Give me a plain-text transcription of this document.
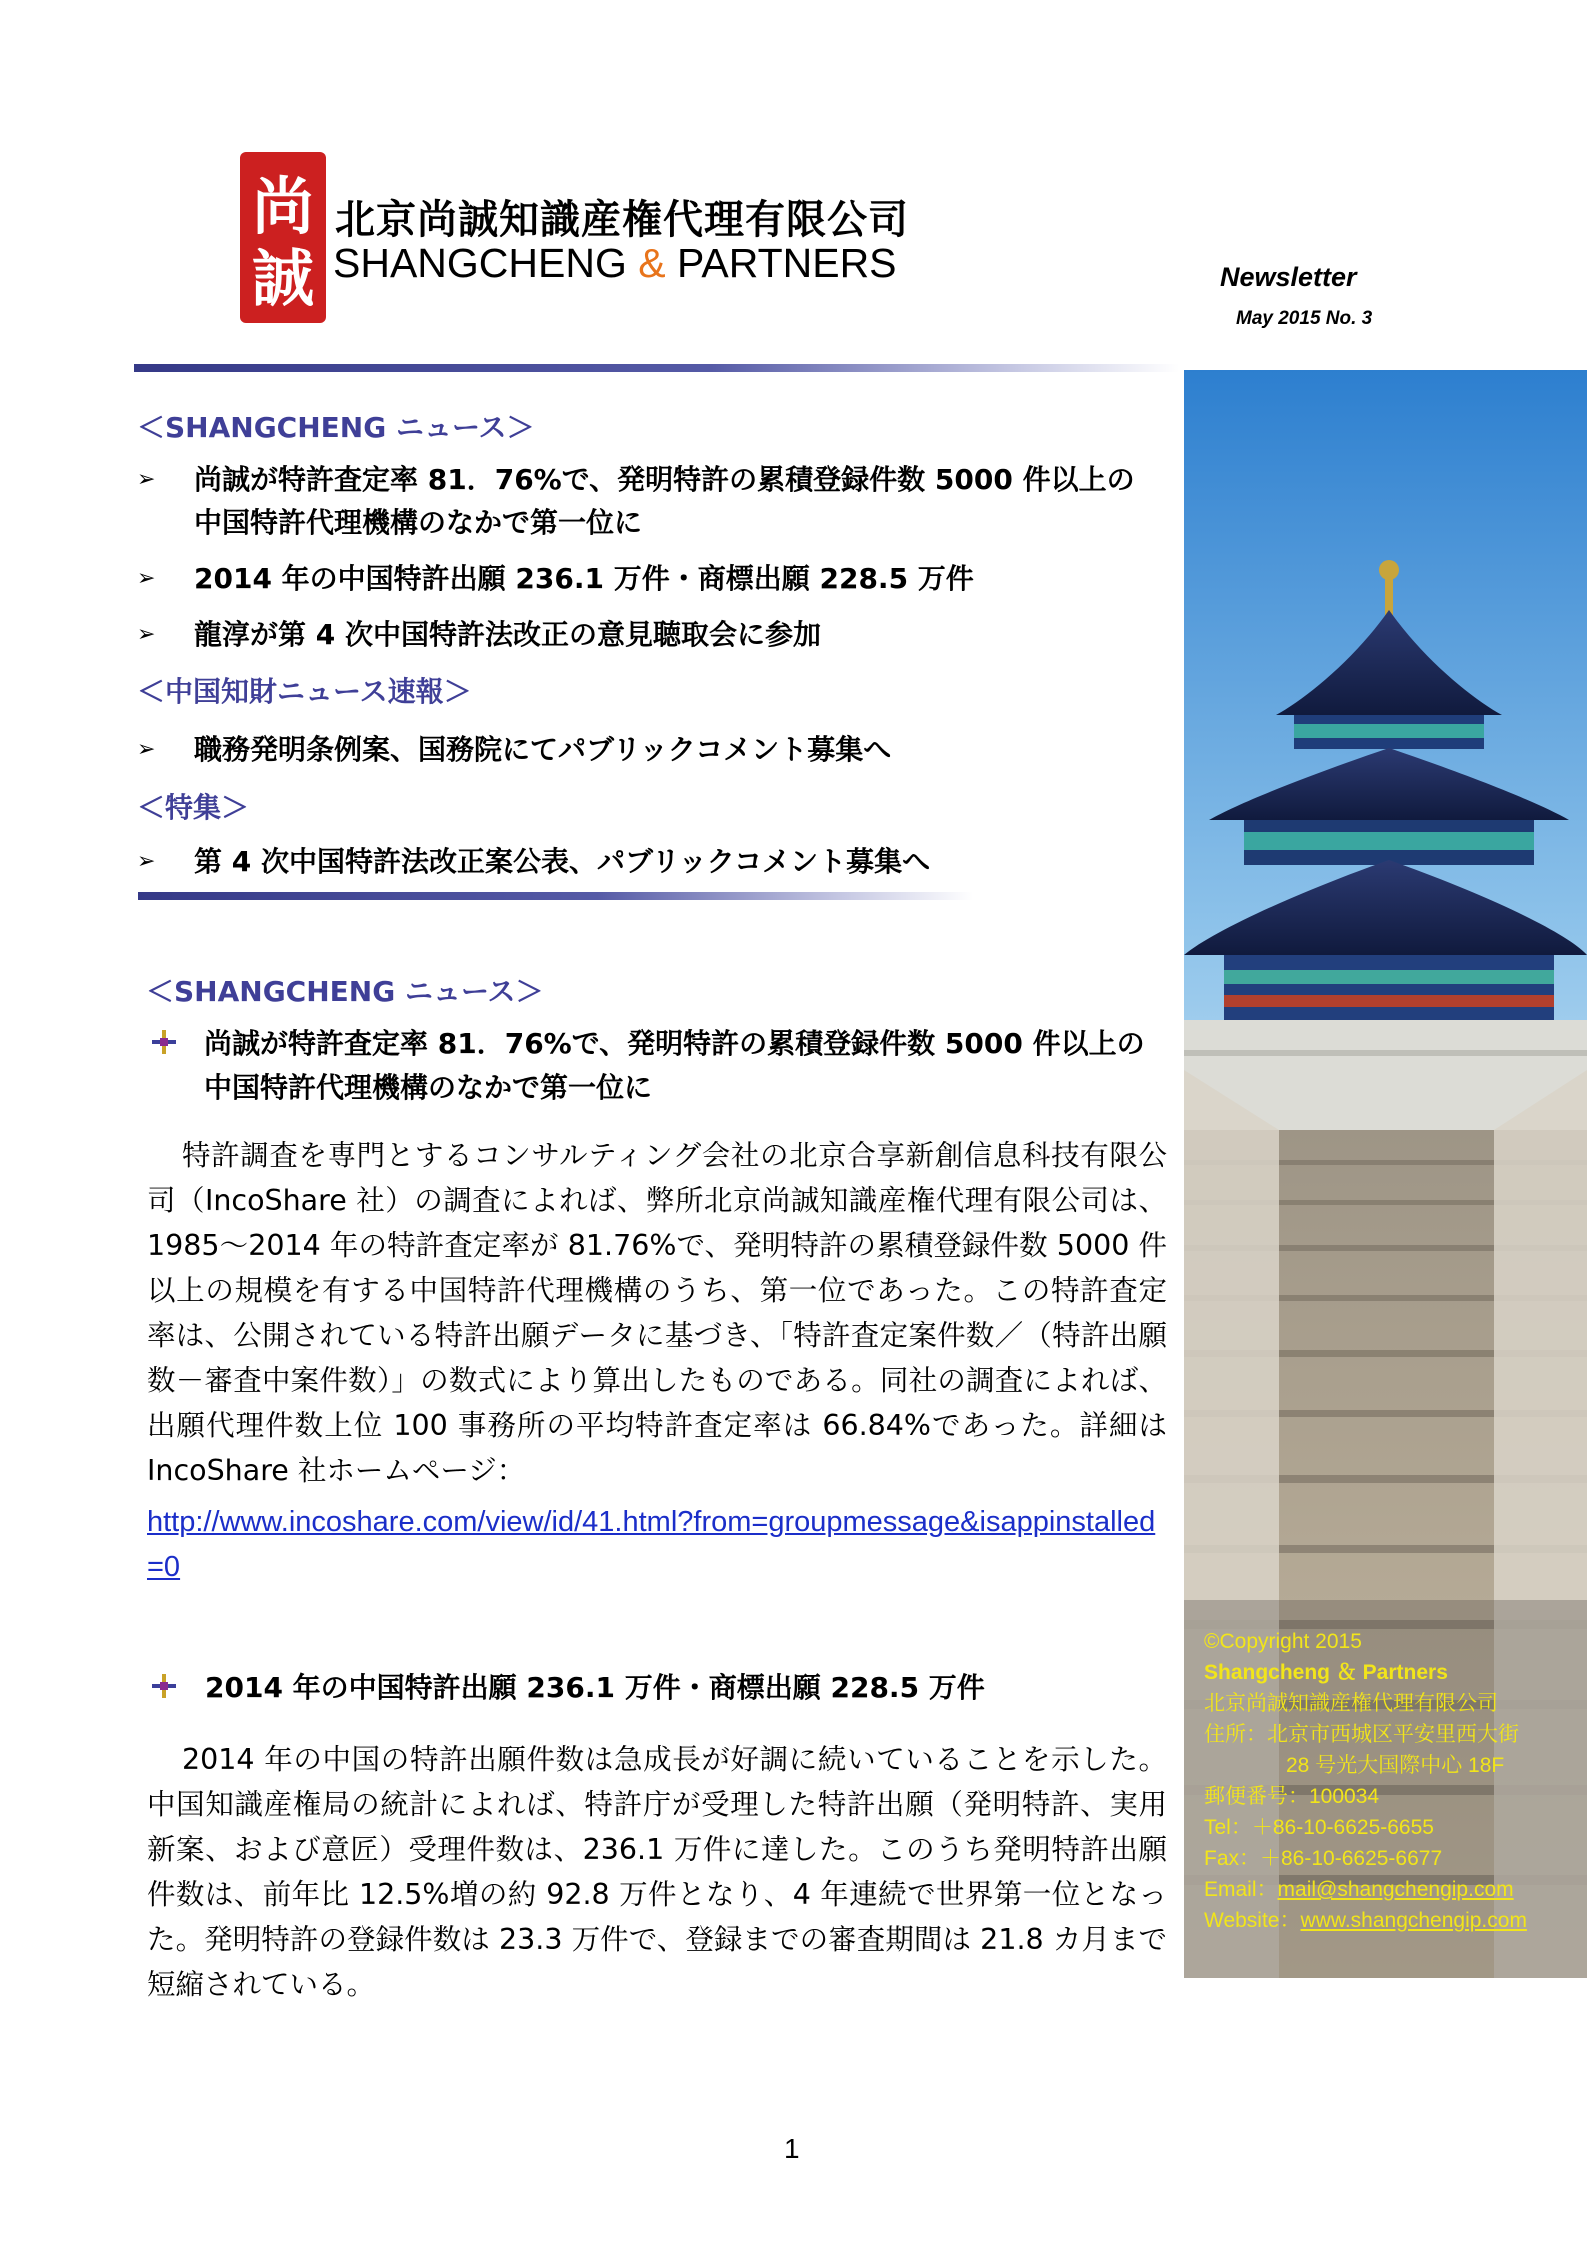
尚
誠
北京尚誠知識産権代理有限公司
SHANGCHENG & PARTNERS	Newsletter
May 2015 No. 3
＜SHANGCHENG ニュース＞
➢ 尚誠が特許査定率 81．76%で、発明特許の累積登録件数 5000 件以上の中国特許代理機構のなかで第一位に
➢ 2014 年の中国特許出願 236.1 万件・商標出願 228.5 万件
➢ 龍淳が第 4 次中国特許法改正の意見聴取会に参加
＜中国知財ニュース速報＞
➢ 職務発明条例案、国務院にてパブリックコメント募集へ
＜特集＞
➢ 第 4 次中国特許法改正案公表、パブリックコメント募集へ
＜SHANGCHENG ニュース＞
尚誠が特許査定率 81．76%で、発明特許の累積登録件数 5000 件以上の中国特許代理機構のなかで第一位に

特許調査を専門とするコンサルティング会社の北京合享新創信息科技有限公司（IncoShare 社）の調査によれば、弊所北京尚誠知識産権代理有限公司は、1985～2014 年の特許査定率が 81.76%で、発明特許の累積登録件数 5000 件以上の規模を有する中国特許代理機構のうち、第一位であった。この特許査定率は、公開されている特許出願データに基づき、「特許査定案件数／（特許出願数－審査中案件数）」の数式により算出したものである。同社の調査によれば、出願代理件数上位 100 事務所の平均特許査定率は 66.84%であった。詳細は IncoShare 社ホームページ：

http://www.incoshare.com/view/id/41.html?from=groupmessage&isappinstalled=0
2014 年の中国特許出願 236.1 万件・商標出願 228.5 万件

2014 年の中国の特許出願件数は急成長が好調に続いていることを示した。中国知識産権局の統計によれば、特許庁が受理した特許出願（発明特許、実用新案、および意匠）受理件数は、236.1 万件に達した。このうち発明特許出願件数は、前年比 12.5%増の約 92.8 万件となり、4 年連続で世界第一位となった。発明特許の登録件数は 23.3 万件で、登録までの審査期間は 21.8 カ月まで短縮されている。

©Copyright 2015
Shangcheng ＆ Partners
北京尚誠知識産権代理有限公司
住所：北京市西城区平安里西大街
28 号光大国際中心 18F
郵便番号：100034
Tel：＋86-10-6625-6655
Fax：＋86-10-6625-6677
Email：mail@shangchengip.com
Website：www.shangchengip.com
1
